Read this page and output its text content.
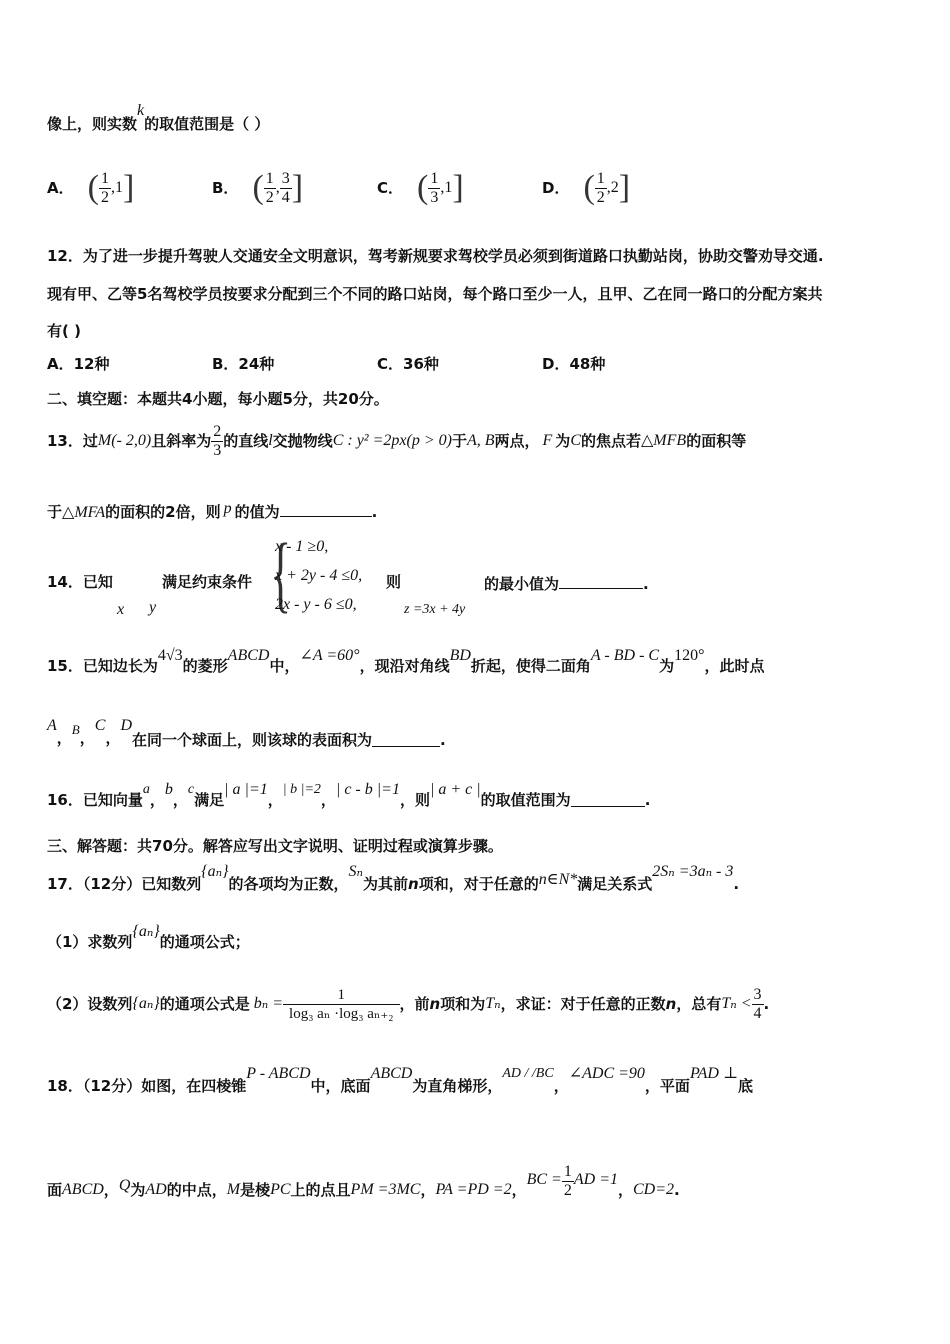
像上，则实数k的取值范围是（ ）
A． ( $\frac{1}{2} ,1$ ]	B． ( $\frac{1}{2}$ , $\frac{3}{4}$ ]	C． ( $\frac{1}{3} ,1$ ]	D． ( $\frac{1}{2} ,2$ ]
12．为了进一步提升驾驶人交通安全文明意识，驾考新规要求驾校学员必须到街道路口执勤站岗，协助交警劝导交通.
现有甲、乙等5名驾校学员按要求分配到三个不同的路口站岗，每个路口至少一人，且甲、乙在同一路口的分配方案共
有( )
A．12种	B．24种	C．36种	D．48种
二、填空题：本题共4小题，每小题5分，共20分。
13．过 M(- 2,0) 且斜率为 $\frac{2}{3}$ 的直线 l 交抛物线 C : y² =2px(p > 0) 于 A, B 两点， F 为 C 的焦点若 △MFB 的面积等
于△MFA的面积的2倍，则 p 的值为	.
14．已知	满足约束条件
x y {
x - 1 ≥0,
x + 2y - 4 ≤0,
2x - y - 6 ≤0,
则
z =3x + 4y
的最小值为	.
15．已知边长为
4√3
的菱形
ABCD
中，
∠A =60°
，现沿对角线
BD
折起，使得二面角
A - BD - C
为
120°
，此时点
A
， B ，
C
，
D
在同一个球面上，则该球的表面积为	.
16．已知向量
a
，
b
，
c
满足
| a |=1
，
| b |=2
，
| c - b |=1
，则
| a + c |
的取值范围为	.
三、解答题：共70分。解答应写出文字说明、证明过程或演算步骤。
17．（12分）已知数列
{aₙ}
的各项均为正数，
Sₙ
为其前 n 项和，对于任意的 n∈N* 满足关系式
2Sₙ =3aₙ - 3
.
（1）求数列
{aₙ}
的通项公式；
（2）设数列 {aₙ} 的通项公式是 $b_n = \frac{1}{\text{log₃ aₙ ·log₃ aₙ₊₂}}$ ，前 n 项和为 Tₙ ，求证：对于任意的正数 n ，总有 $T_n < \frac{3}{4}$ .
18．（12分）如图，在四棱锥
P - ABCD
中，底面
ABCD
为直角梯形，
AD / /BC
，
∠ADC =90
，平面
PAD ⊥
底
面 ABCD ， Q 为 AD 的中点， M 是棱 PC 上的点且 PM =3MC ， PA =PD =2 ，
BC = $\frac{1}{2}$ AD =1
， CD=2 .
